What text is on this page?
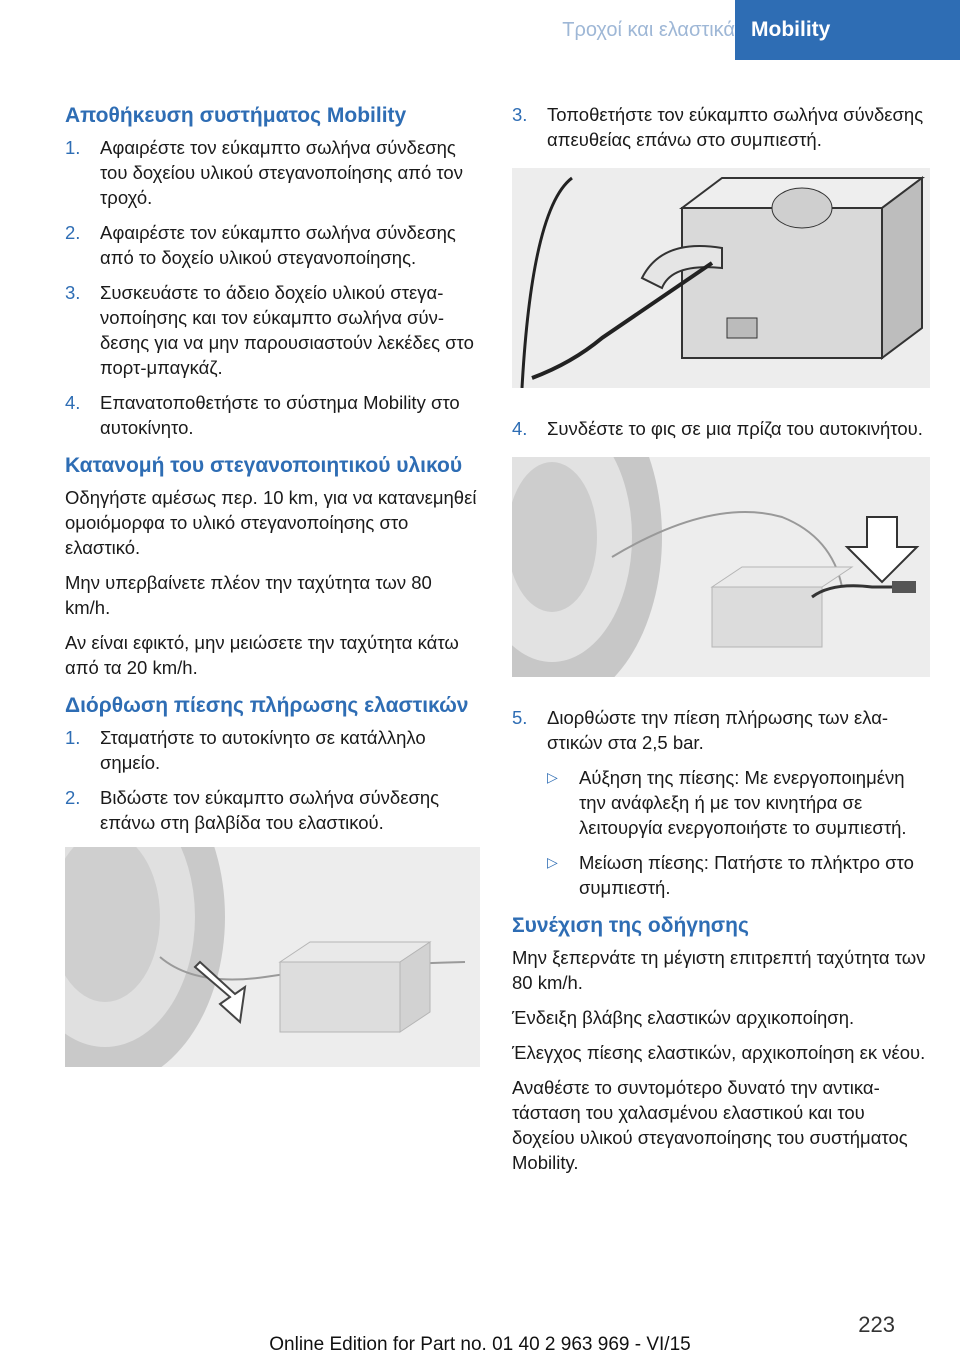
Τροχοί και ελαστικά Mobility
Αποθήκευση συστήματος Mobility
1. Αφαιρέστε τον εύκαμπτο σωλήνα σύνδεσης του δοχείου υλικού στεγανοποίησης από τον τροχό.
2. Αφαιρέστε τον εύκαμπτο σωλήνα σύνδεσης από το δοχείο υλικού στεγανοποίησης.
3. Συσκευάστε το άδειο δοχείο υλικού στεγανοποίησης και τον εύκαμπτο σωλήνα σύνδεσης για να μην παρουσιαστούν λεκέδες στο πορτ-μπαγκάζ.
4. Επανατοποθετήστε το σύστημα Mobility στο αυτοκίνητο.
Κατανομή του στεγανοποιητικού υλικού

Οδηγήστε αμέσως περ. 10 km, για να κατανεμηθεί ομοιόμορφα το υλικό στεγανοποίησης στο ελαστικό.

Μην υπερβαίνετε πλέον την ταχύτητα των 80 km/h.

Αν είναι εφικτό, μην μειώσετε την ταχύτητα κάτω από τα 20 km/h.

Διόρθωση πίεσης πλήρωσης ελαστικών
1. Σταματήστε το αυτοκίνητο σε κατάλληλο σημείο.
2. Βιδώστε τον εύκαμπτο σωλήνα σύνδεσης επάνω στη βαλβίδα του ελαστικού.
3. Τοποθετήστε τον εύκαμπτο σωλήνα σύνδεσης απευθείας επάνω στο συμπιεστή.
4. Συνδέστε το φις σε μια πρίζα του αυτοκινήτου.
5. Διορθώστε την πίεση πλήρωσης των ελαστικών στα 2,5 bar.
▷ Αύξηση της πίεσης: Με ενεργοποιημένη την ανάφλεξη ή με τον κινητήρα σε λειτουργία ενεργοποιήστε το συμπιεστή.
▷ Μείωση πίεσης: Πατήστε το πλήκτρο στο συμπιεστή.
Συνέχιση της οδήγησης

Μην ξεπερνάτε τη μέγιστη επιτρεπτή ταχύτητα των 80 km/h.

Ένδειξη βλάβης ελαστικών αρχικοποίηση.

Έλεγχος πίεσης ελαστικών, αρχικοποίηση εκ νέου.

Αναθέστε το συντομότερο δυνατό την αντικατάσταση του χαλασμένου ελαστικού και του δοχείου υλικού στεγανοποίησης του συστήματος Mobility.

223
Online Edition for Part no. 01 40 2 963 969 - VI/15
